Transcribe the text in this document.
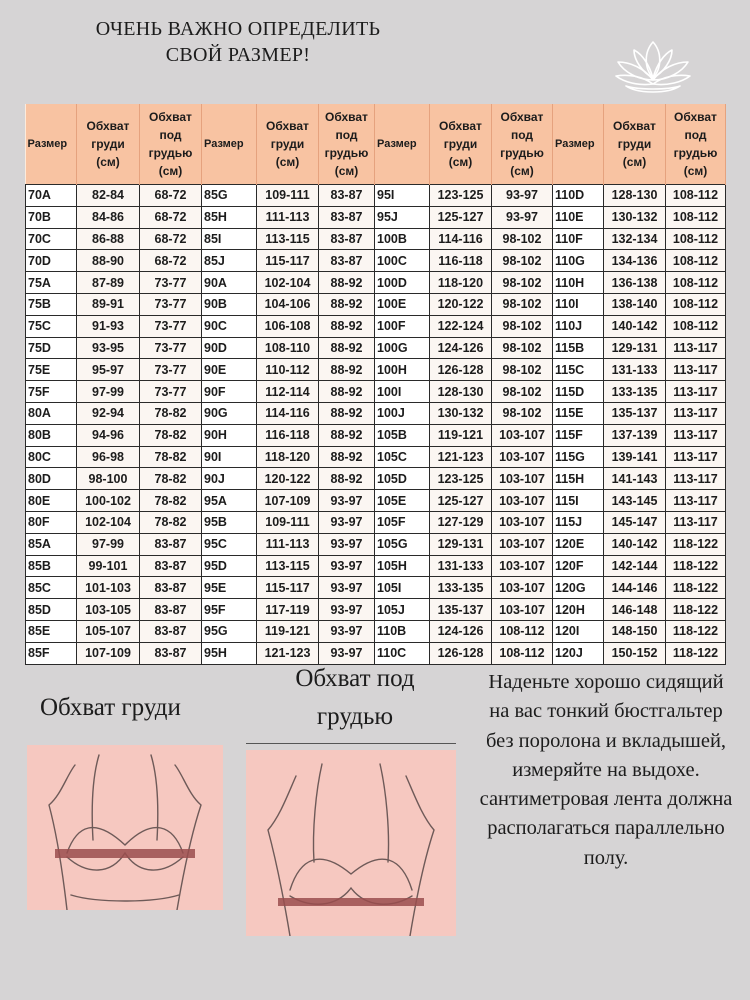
ОЧЕНЬ ВАЖНО ОПРЕДЕЛИТЬ
СВОЙ РАЗМЕР!
Размер	Обхват
груди
(см)	Обхват
под
грудью
(см)	Размер	Обхват
груди
(см)	Обхват
под
грудью
(см)	Размер	Обхват
груди
(см)	Обхват
под
грудью
(см)	Размер	Обхват
груди
(см)	Обхват
под
грудью
(см)

70A	82-84	68-72	85G	109-111	83-87	95I	123-125	93-97	110D	128-130	108-112
70B	84-86	68-72	85H	111-113	83-87	95J	125-127	93-97	110E	130-132	108-112
70C	86-88	68-72	85I	113-115	83-87	100B	114-116	98-102	110F	132-134	108-112
70D	88-90	68-72	85J	115-117	83-87	100C	116-118	98-102	110G	134-136	108-112
75A	87-89	73-77	90A	102-104	88-92	100D	118-120	98-102	110H	136-138	108-112
75B	89-91	73-77	90B	104-106	88-92	100E	120-122	98-102	110I	138-140	108-112
75C	91-93	73-77	90C	106-108	88-92	100F	122-124	98-102	110J	140-142	108-112
75D	93-95	73-77	90D	108-110	88-92	100G	124-126	98-102	115B	129-131	113-117
75E	95-97	73-77	90E	110-112	88-92	100H	126-128	98-102	115C	131-133	113-117
75F	97-99	73-77	90F	112-114	88-92	100I	128-130	98-102	115D	133-135	113-117
80A	92-94	78-82	90G	114-116	88-92	100J	130-132	98-102	115E	135-137	113-117
80B	94-96	78-82	90H	116-118	88-92	105B	119-121	103-107	115F	137-139	113-117
80C	96-98	78-82	90I	118-120	88-92	105C	121-123	103-107	115G	139-141	113-117
80D	98-100	78-82	90J	120-122	88-92	105D	123-125	103-107	115H	141-143	113-117
80E	100-102	78-82	95A	107-109	93-97	105E	125-127	103-107	115I	143-145	113-117
80F	102-104	78-82	95B	109-111	93-97	105F	127-129	103-107	115J	145-147	113-117
85A	97-99	83-87	95C	111-113	93-97	105G	129-131	103-107	120E	140-142	118-122
85B	99-101	83-87	95D	113-115	93-97	105H	131-133	103-107	120F	142-144	118-122
85C	101-103	83-87	95E	115-117	93-97	105I	133-135	103-107	120G	144-146	118-122
85D	103-105	83-87	95F	117-119	93-97	105J	135-137	103-107	120H	146-148	118-122
85E	105-107	83-87	95G	119-121	93-97	110B	124-126	108-112	120I	148-150	118-122
85F	107-109	83-87	95H	121-123	93-97	110C	126-128	108-112	120J	150-152	118-122
Обхват груди
Обхват под
грудью
Наденьте хорошо сидящий на вас тонкий бюстгальтер без поролона и вкладышей, измеряйте на выдохе. сантиметровая лента должна располагаться параллельно полу.
